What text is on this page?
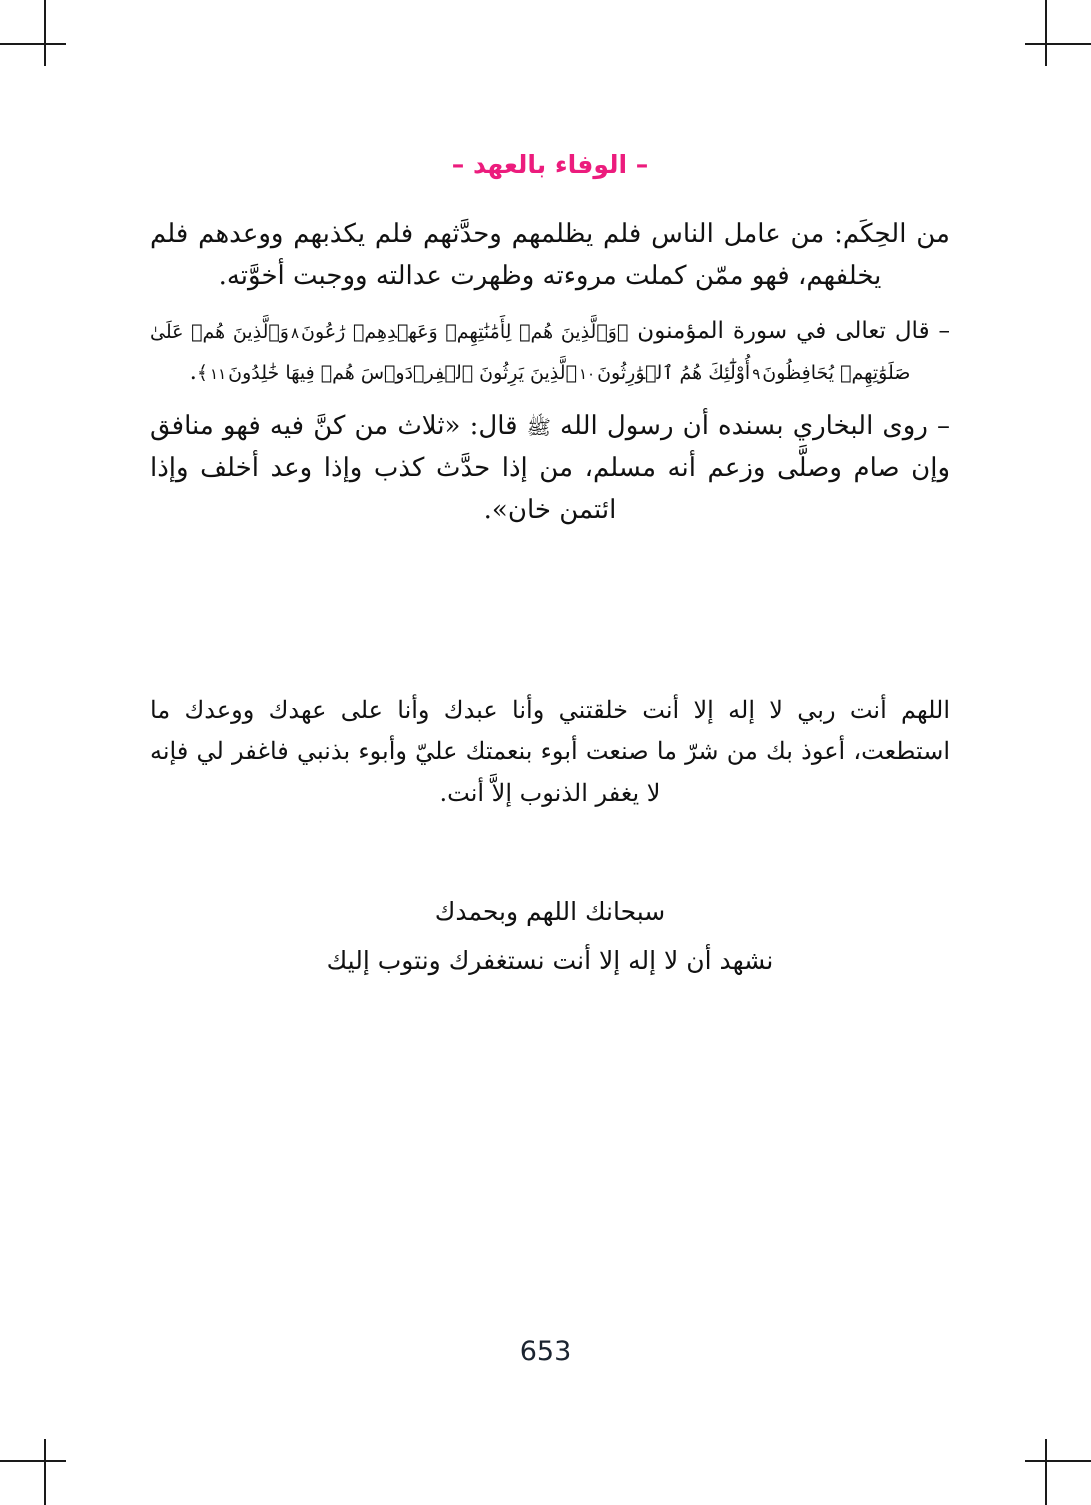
– الوفاء بالعهد –

من الحِكَم: من عامل الناس فلم يظلمهم وحدَّثهم فلم يكذبهم ووعدهم فلم يخلفهم، فهو ممّن كملت مروءته وظهرت عدالته ووجبت أخوَّته.

– قال تعالى في سورة المؤمنون ﴿وَٱلَّذِينَ هُمۡ لِأَمَٰنَٰتِهِمۡ وَعَهۡدِهِمۡ رَٰعُونَ٨وَٱلَّذِينَ هُمۡ عَلَىٰ صَلَوَٰتِهِمۡ يُحَافِظُونَ٩أُوْلَٰٓئِكَ هُمُ ٱلۡوَٰرِثُونَ١٠ٱلَّذِينَ يَرِثُونَ ٱلۡفِرۡدَوۡسَ هُمۡ فِيهَا خَٰلِدُونَ١١﴾.

– روى البخاري بسنده أن رسول الله ﷺ قال: «ثلاث من كنَّ فيه فهو منافق وإن صام وصلَّى وزعم أنه مسلم، من إذا حدَّث كذب وإذا وعد أخلف وإذا ائتمن خان».

اللهم أنت ربي لا إله إلا أنت خلقتني وأنا عبدك وأنا على عهدك ووعدك ما استطعت، أعوذ بك من شرّ ما صنعت أبوء بنعمتك عليّ وأبوء بذنبي فاغفر لي فإنه لا يغفر الذنوب إلاَّ أنت.

سبحانك اللهم وبحمدك
نشهد أن لا إله إلا أنت نستغفرك ونتوب إليك
653
